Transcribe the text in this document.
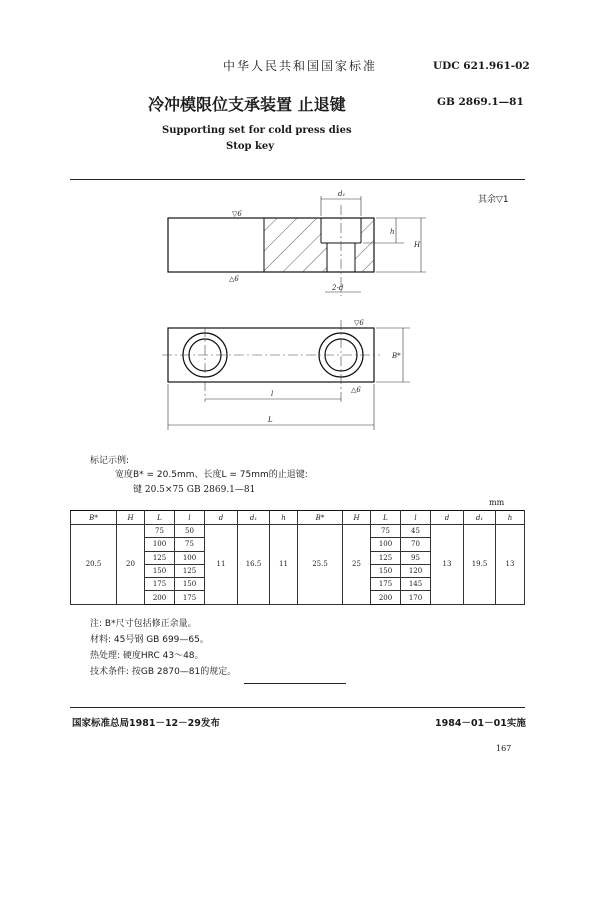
中华人民共和国国家标准	UDC 621.961-02
GB 2869.1—81
冷冲模限位支承装置 止退键
Supporting set for cold press dies
Stop key
其余▽1
d₁
h
H
2-d
▽6
△6
B*
l
L
▽6
△6
标记示例:
宽度B* = 20.5mm、长度L = 75mm的止退键:
键 20.5×75 GB 2869.1—81
mm
B*	H	L	l	d	d₁	h	B*	H	L	l	d	d₁	h
20.5	20	75	50	11	16.5	11	25.5	25	75	45	13	19.5	13
		100	75						100	70			
		125	100						125	95			
		150	125						150	120			
		175	150						175	145			
		200	175						200	170			
注: B*尺寸包括修正余量。
材料: 45号钢 GB 699—65。
热处理: 硬度HRC 43～48。
技术条件: 按GB 2870—81的规定。
国家标准总局1981－12－29发布	1984－01－01实施
167
